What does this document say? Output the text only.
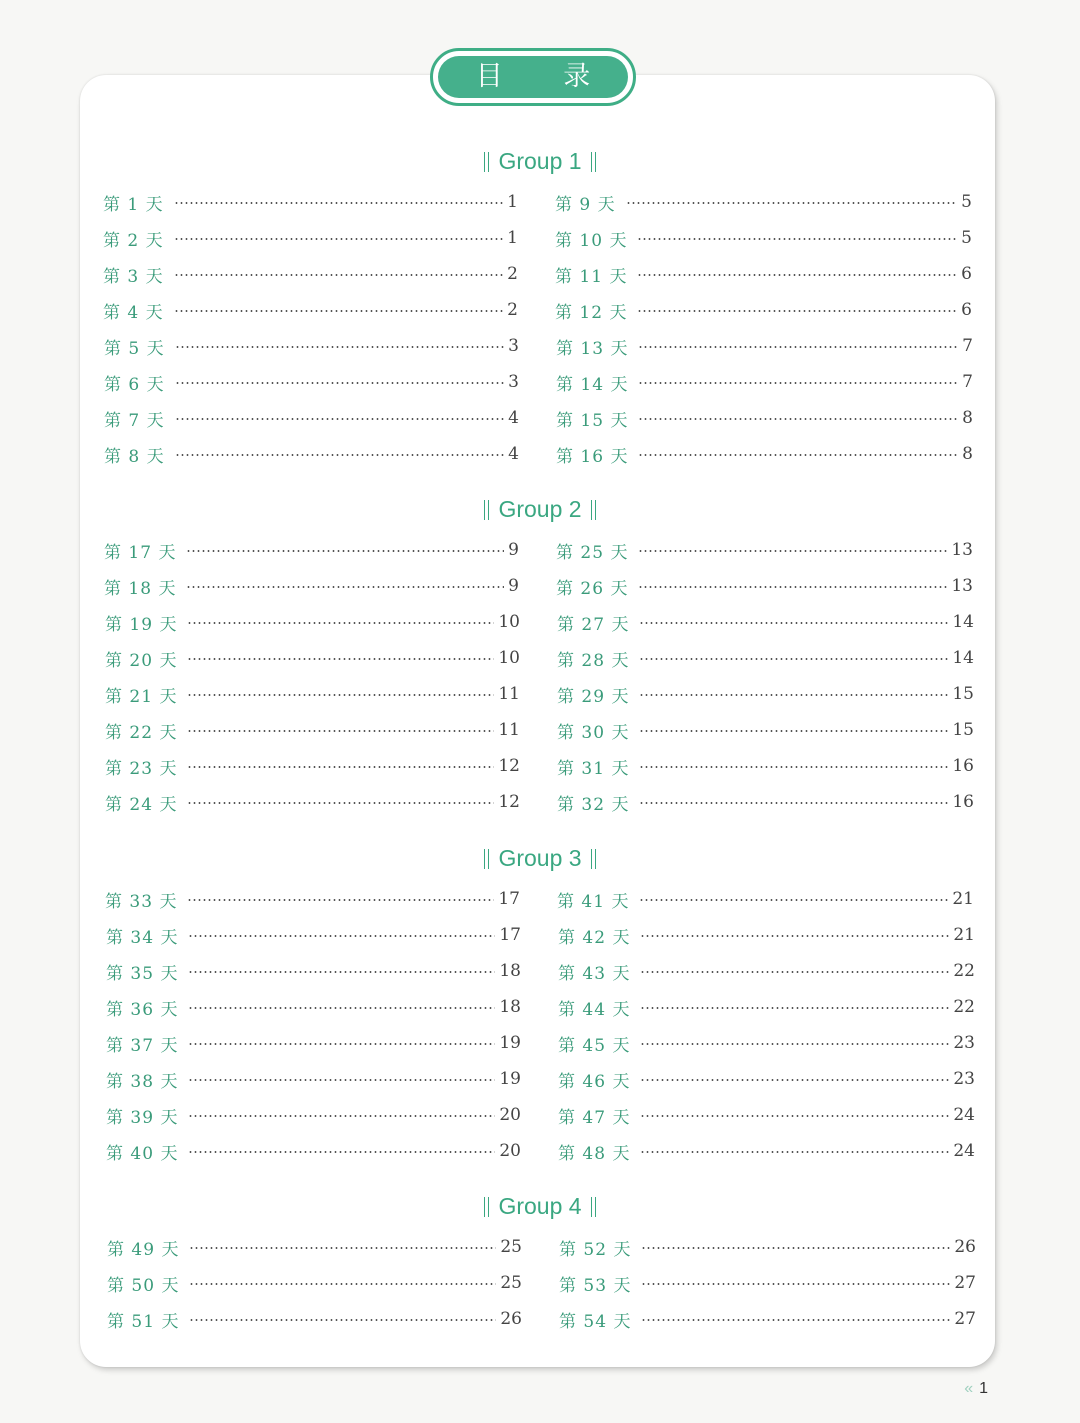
目 录
Group 1
第 1 天	1
第 2 天	1
第 3 天	2
第 4 天	2
第 5 天	3
第 6 天	3
第 7 天	4
第 8 天	4
第 9 天	5
第 10 天	5
第 11 天	6
第 12 天	6
第 13 天	7
第 14 天	7
第 15 天	8
第 16 天	8
Group 2
第 17 天	9
第 18 天	9
第 19 天	10
第 20 天	10
第 21 天	11
第 22 天	11
第 23 天	12
第 24 天	12
第 25 天	13
第 26 天	13
第 27 天	14
第 28 天	14
第 29 天	15
第 30 天	15
第 31 天	16
第 32 天	16
Group 3
第 33 天	17
第 34 天	17
第 35 天	18
第 36 天	18
第 37 天	19
第 38 天	19
第 39 天	20
第 40 天	20
第 41 天	21
第 42 天	21
第 43 天	22
第 44 天	22
第 45 天	23
第 46 天	23
第 47 天	24
第 48 天	24
Group 4
第 49 天	25
第 50 天	25
第 51 天	26
第 52 天	26
第 53 天	27
第 54 天	27
« 1
